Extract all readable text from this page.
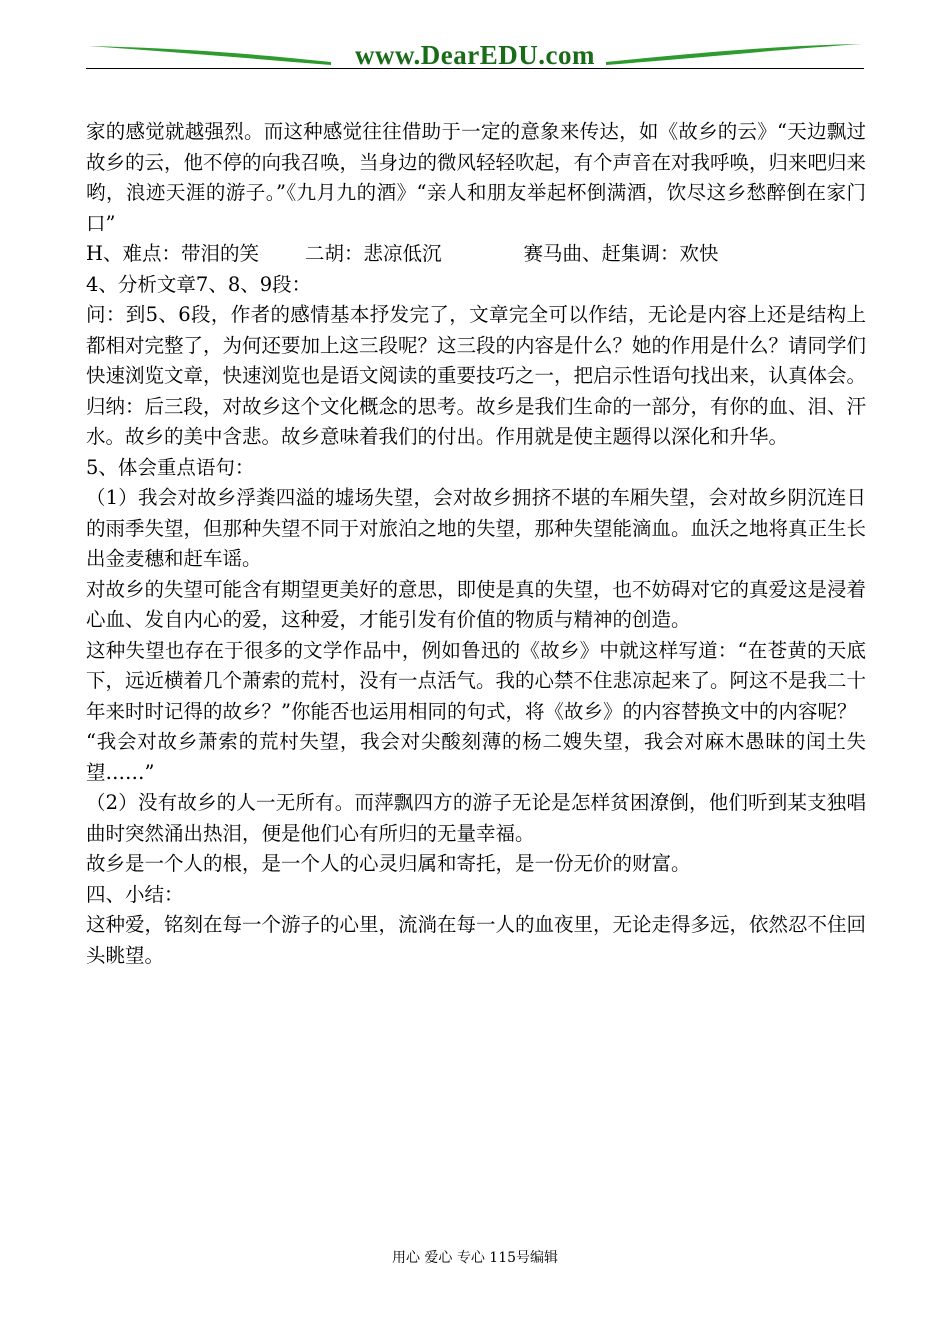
www.DearEDU.com

家的感觉就越强烈。而这种感觉往往借助于一定的意象来传达，如《故乡的云》“天边飘过故乡的云，他不停的向我召唤，当身边的微风轻轻吹起，有个声音在对我呼唤，归来吧归来哟，浪迹天涯的游子。”《九月九的酒》“亲人和朋友举起杯倒满酒，饮尽这乡愁醉倒在家门口”

H、难点：带泪的笑 二胡：悲凉低沉	赛马曲、赶集调：欢快

4、分析文章7、8、9段：

问：到5、6段，作者的感情基本抒发完了，文章完全可以作结，无论是内容上还是结构上都相对完整了，为何还要加上这三段呢？这三段的内容是什么？她的作用是什么？请同学们快速浏览文章，快速浏览也是语文阅读的重要技巧之一，把启示性语句找出来，认真体会。

归纳：后三段，对故乡这个文化概念的思考。故乡是我们生命的一部分，有你的血、泪、汗水。故乡的美中含悲。故乡意味着我们的付出。作用就是使主题得以深化和升华。

5、体会重点语句：

（1）我会对故乡浮粪四溢的墟场失望，会对故乡拥挤不堪的车厢失望，会对故乡阴沉连日的雨季失望，但那种失望不同于对旅泊之地的失望，那种失望能滴血。血沃之地将真正生长出金麦穗和赶车谣。

对故乡的失望可能含有期望更美好的意思，即使是真的失望，也不妨碍对它的真爱这是浸着心血、发自内心的爱，这种爱，才能引发有价值的物质与精神的创造。

这种失望也存在于很多的文学作品中，例如鲁迅的《故乡》中就这样写道：“在苍黄的天底下，远近横着几个萧索的荒村，没有一点活气。我的心禁不住悲凉起来了。阿这不是我二十年来时时记得的故乡？”你能否也运用相同的句式，将《故乡》的内容替换文中的内容呢？

“我会对故乡萧索的荒村失望，我会对尖酸刻薄的杨二嫂失望，我会对麻木愚昧的闰土失望……”

（2）没有故乡的人一无所有。而萍飘四方的游子无论是怎样贫困潦倒，他们听到某支独唱曲时突然涌出热泪，便是他们心有所归的无量幸福。

故乡是一个人的根，是一个人的心灵归属和寄托，是一份无价的财富。

四、小结：

这种爱，铭刻在每一个游子的心里，流淌在每一人的血夜里，无论走得多远，依然忍不住回头眺望。

用心 爱心 专心 115号编辑
